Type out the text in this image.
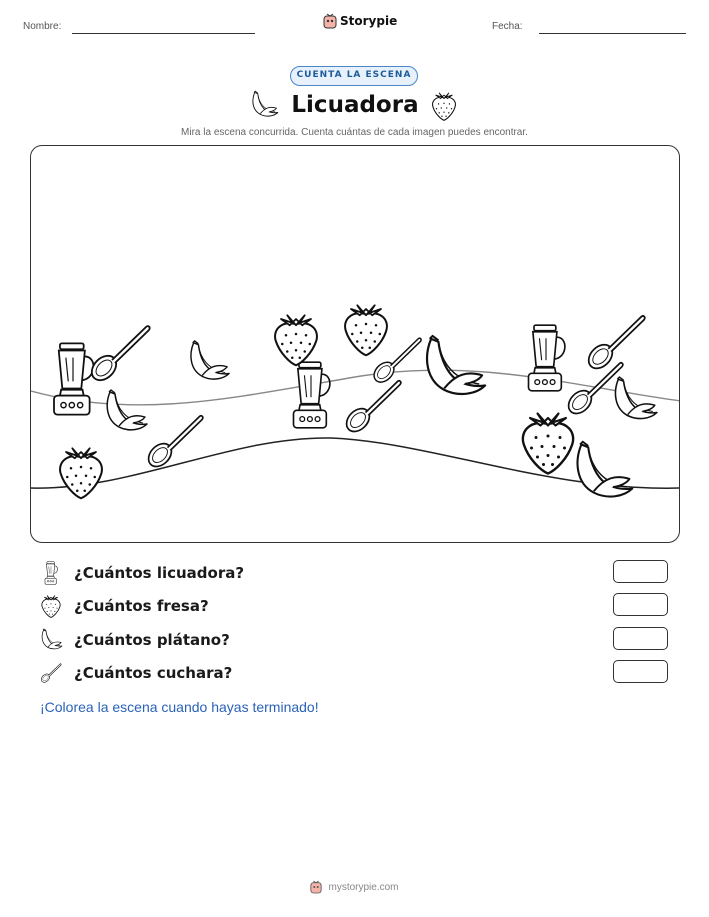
Nombre:	Storypie	Fecha:
CUENTA LA ESCENA
Licuadora
Mira la escena concurrida. Cuenta cuántas de cada imagen puedes encontrar.
¿Cuántos licuadora?
¿Cuántos fresa?
¿Cuántos plátano?
¿Cuántos cuchara?
¡Colorea la escena cuando hayas terminado!
mystorypie.com
